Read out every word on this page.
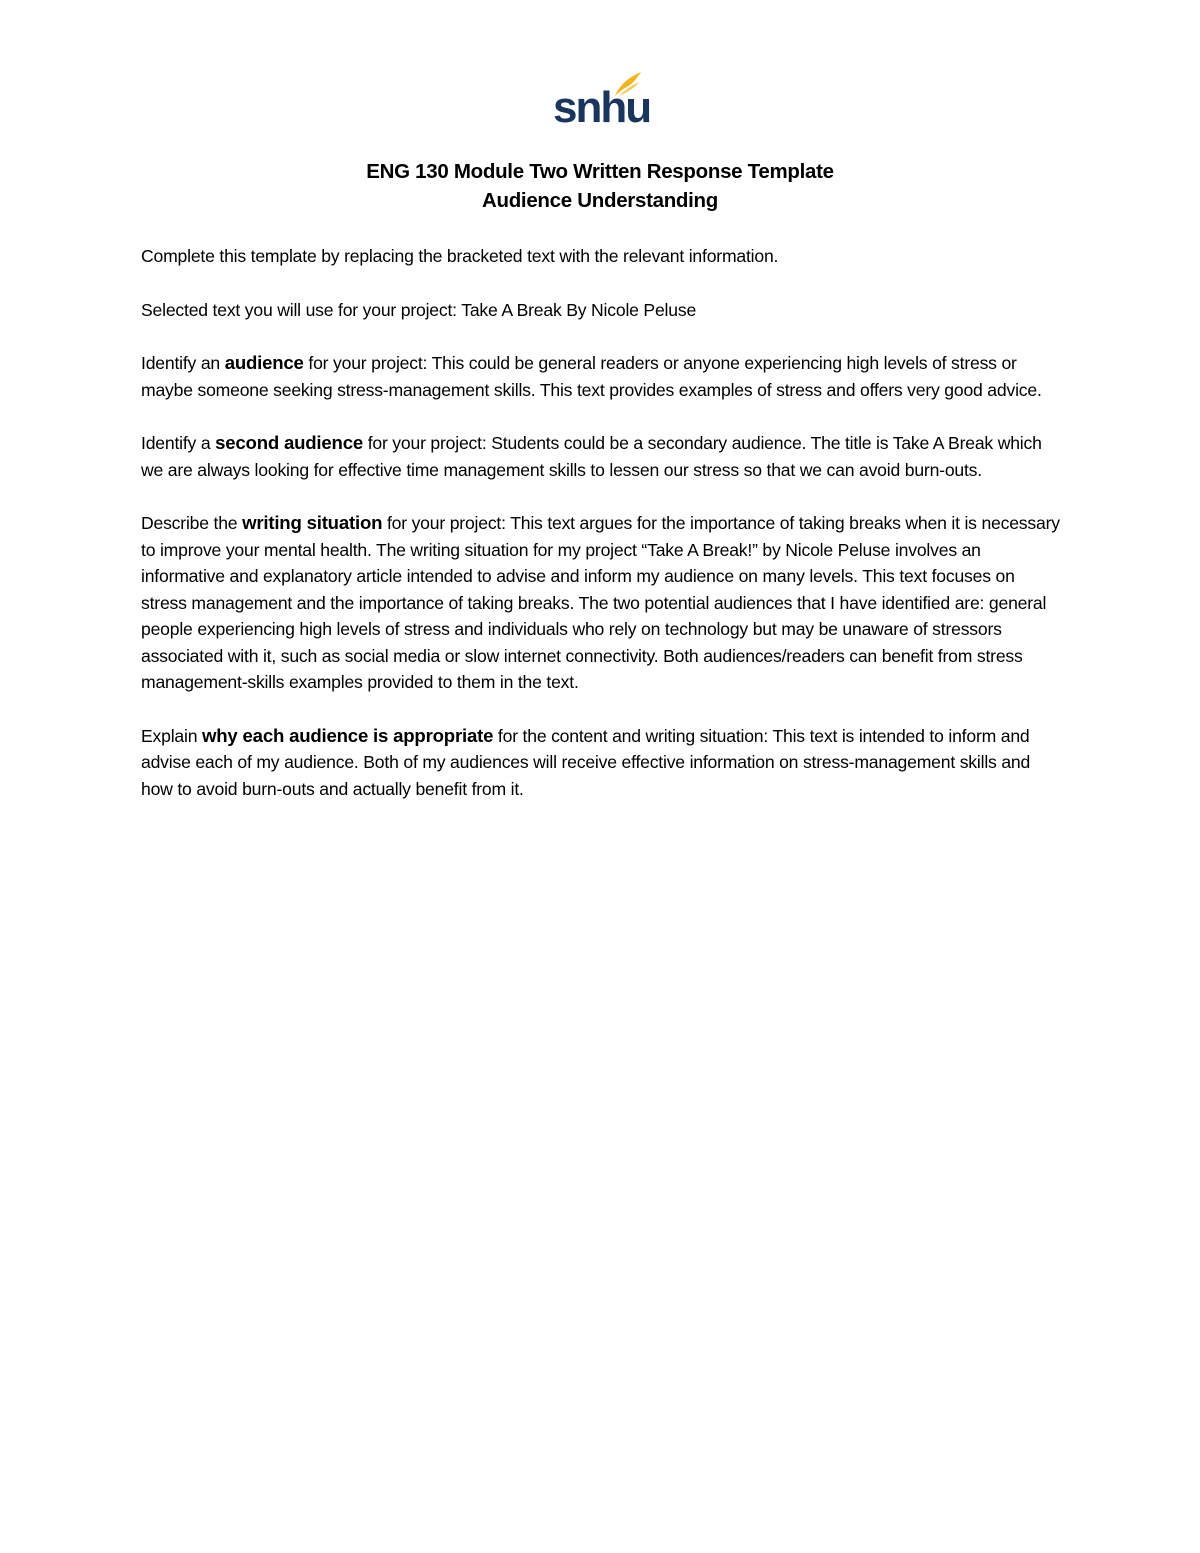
snhu
ENG 130 Module Two Written Response Template
Audience Understanding

Complete this template by replacing the bracketed text with the relevant information.

Selected text you will use for your project: Take A Break By Nicole Peluse

Identify an audience for your project: This could be general readers or anyone experiencing high levels of stress or maybe someone seeking stress-management skills. This text provides examples of stress and offers very good advice.

Identify a second audience for your project: Students could be a secondary audience. The title is Take A Break which we are always looking for effective time management skills to lessen our stress so that we can avoid burn-outs.

Describe the writing situation for your project: This text argues for the importance of taking breaks when it is necessary to improve your mental health. The writing situation for my project “Take A Break!” by Nicole Peluse involves an informative and explanatory article intended to advise and inform my audience on many levels. This text focuses on stress management and the importance of taking breaks. The two potential audiences that I have identified are: general people experiencing high levels of stress and individuals who rely on technology but may be unaware of stressors associated with it, such as social media or slow internet connectivity. Both audiences/readers can benefit from stress management-skills examples provided to them in the text.

Explain why each audience is appropriate for the content and writing situation: This text is intended to inform and advise each of my audience. Both of my audiences will receive effective information on stress-management skills and how to avoid burn-outs and actually benefit from it.
